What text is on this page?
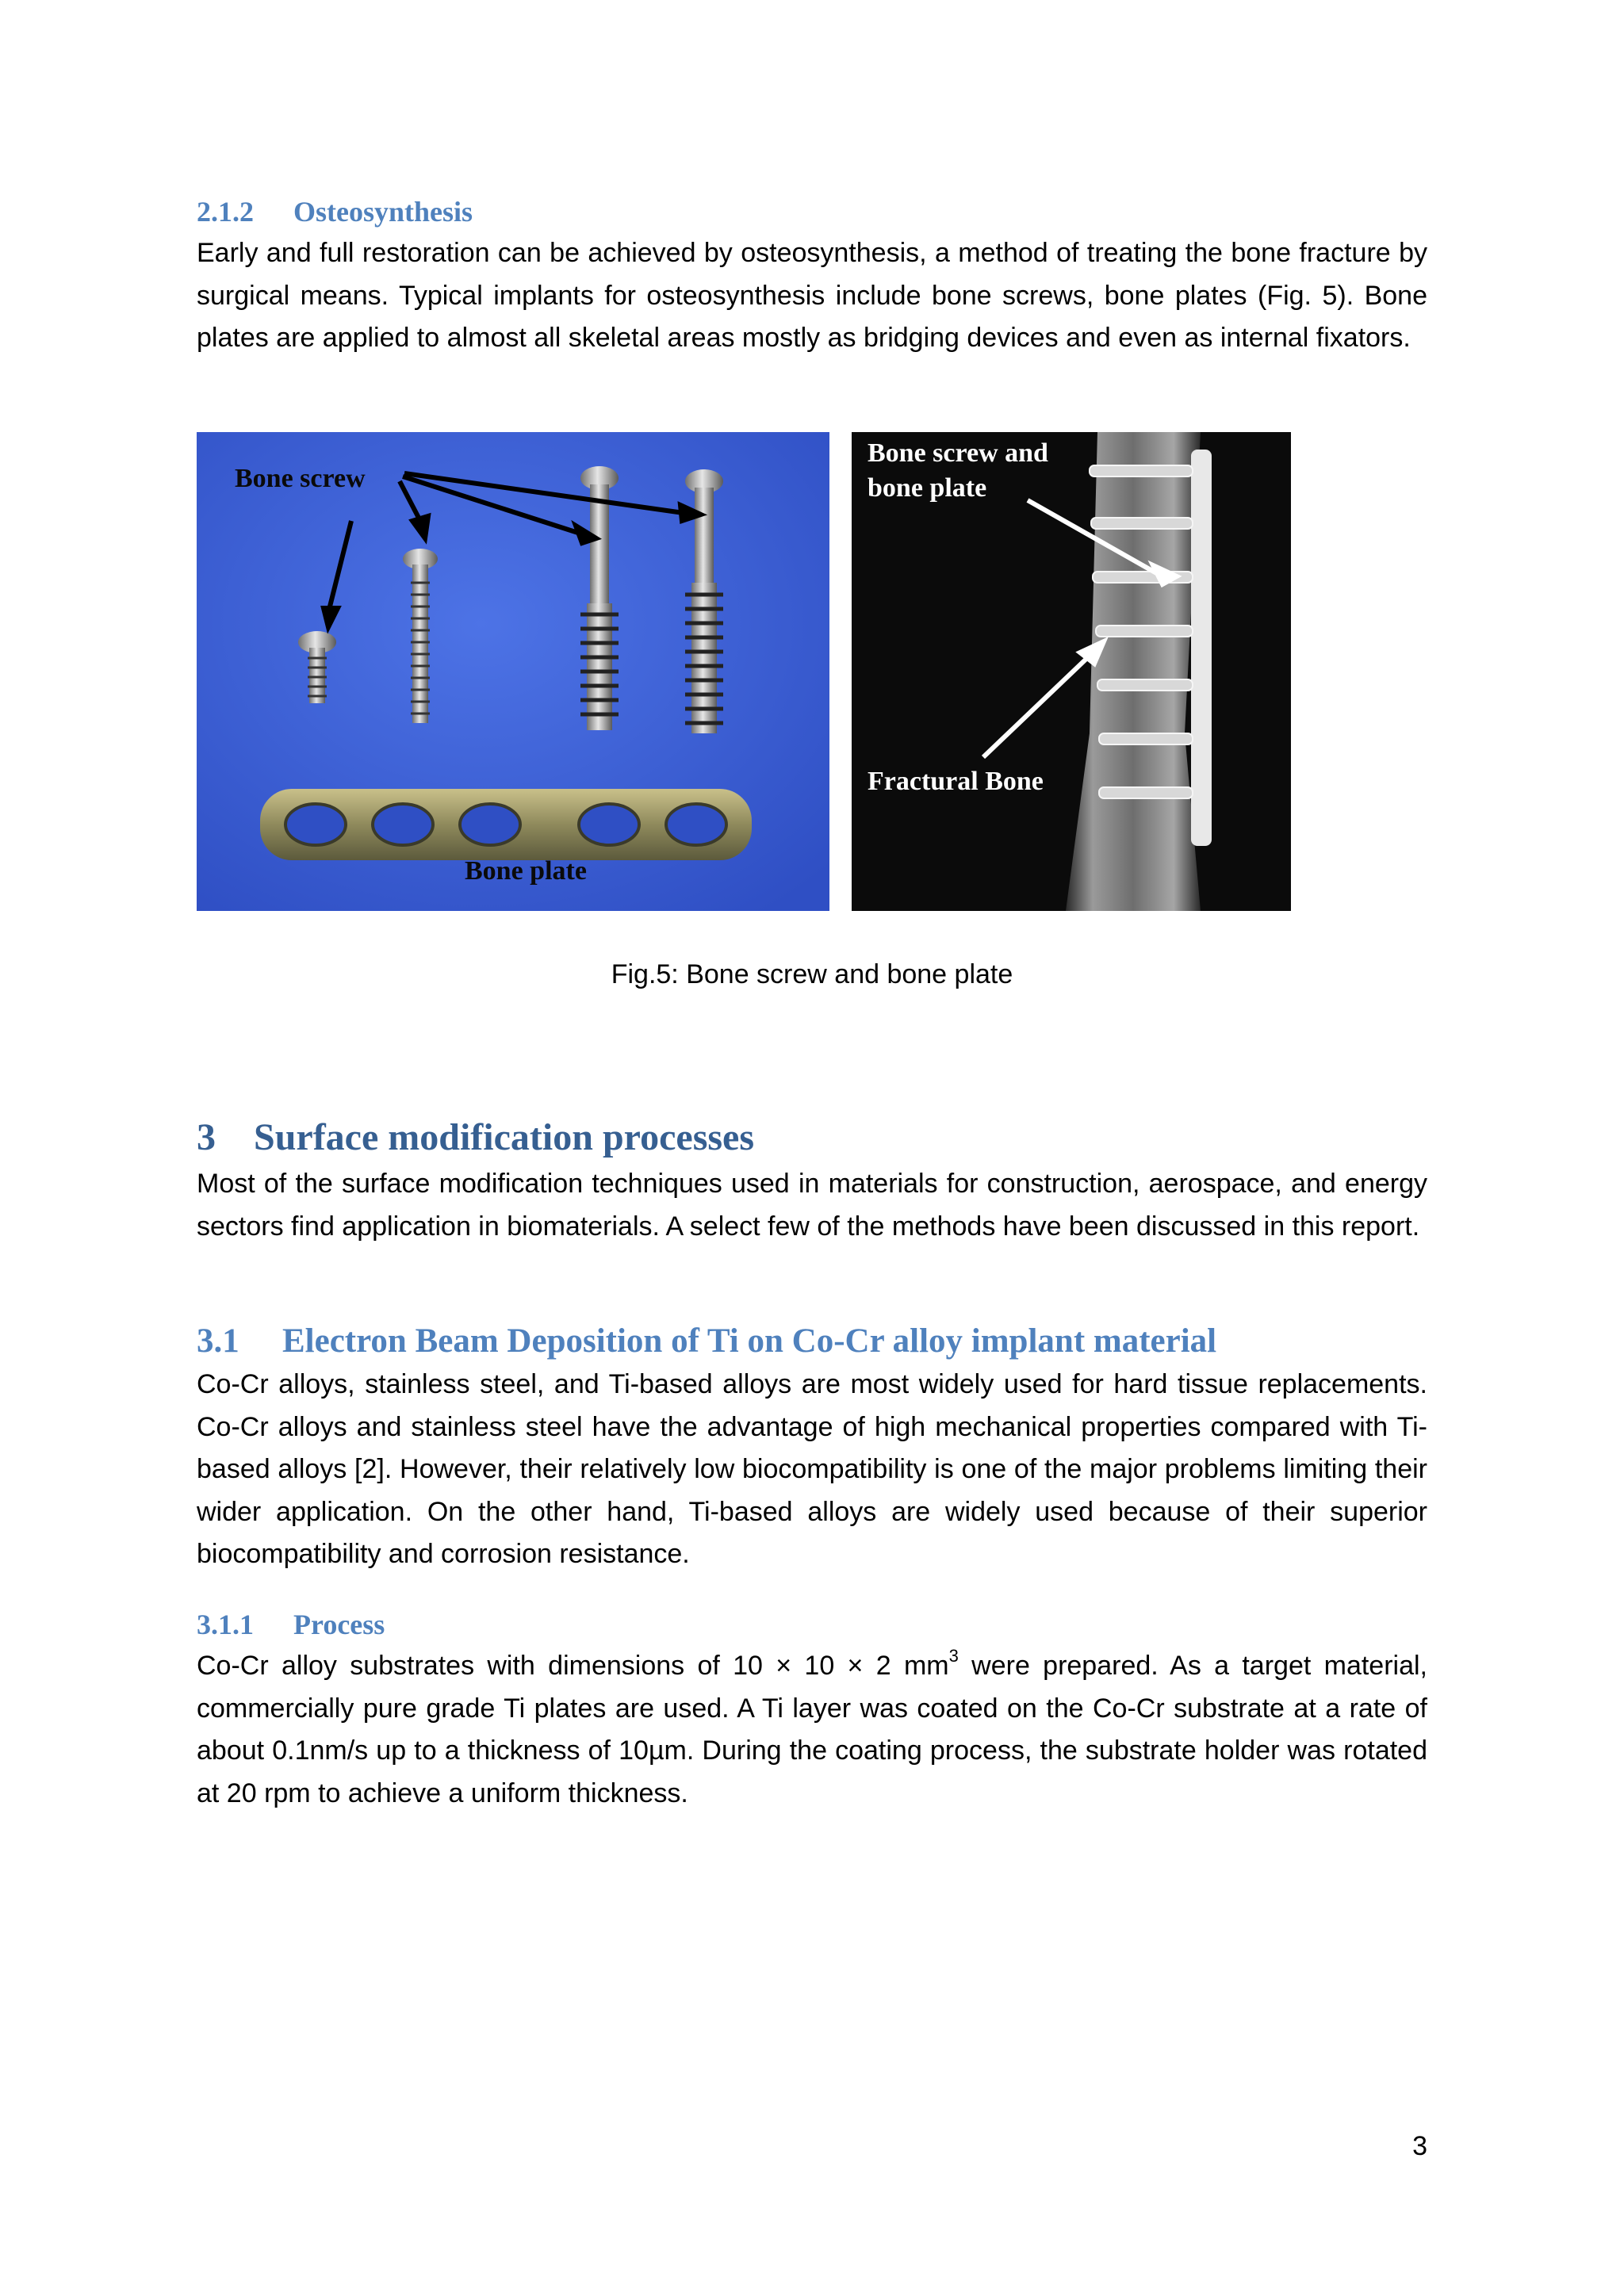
2.1.2 Osteosynthesis

Early and full restoration can be achieved by osteosynthesis, a method of treating the bone fracture by surgical means. Typical implants for osteosynthesis include bone screws, bone plates (Fig. 5). Bone plates are applied to almost all skeletal areas mostly as bridging devices and even as internal fixators.

Bone screw
Bone plate
Bone screw and
bone plate
Fractural Bone
Fig.5: Bone screw and bone plate
3 Surface modification processes

Most of the surface modification techniques used in materials for construction, aerospace, and energy sectors find application in biomaterials. A select few of the methods have been discussed in this report.

3.1 Electron Beam Deposition of Ti on Co-Cr alloy implant material

Co-Cr alloys, stainless steel, and Ti-based alloys are most widely used for hard tissue replacements. Co-Cr alloys and stainless steel have the advantage of high mechanical properties compared with Ti-based alloys [2]. However, their relatively low biocompatibility is one of the major problems limiting their wider application. On the other hand, Ti-based alloys are widely used because of their superior biocompatibility and corrosion resistance.

3.1.1 Process

Co-Cr alloy substrates with dimensions of 10 × 10 × 2 $mm^3$ were prepared. As a target material, commercially pure grade Ti plates are used. A Ti layer was coated on the Co-Cr substrate at a rate of about 0.1nm/s up to a thickness of 10µm. During the coating process, the substrate holder was rotated at 20 rpm to achieve a uniform thickness.

3
